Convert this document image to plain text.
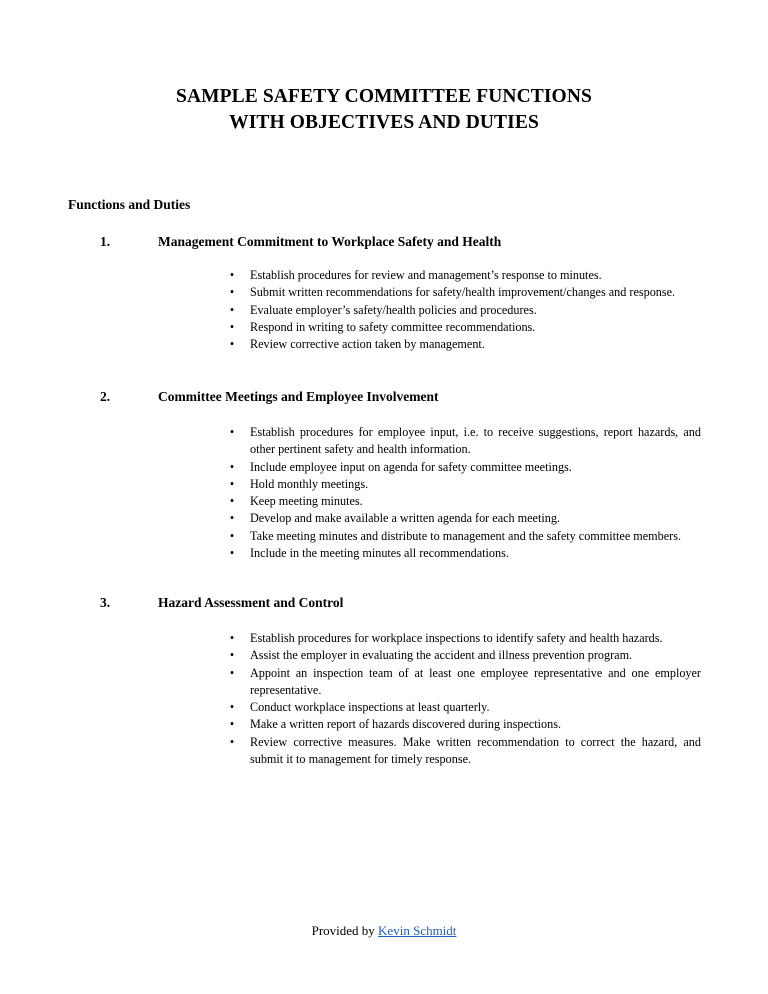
SAMPLE SAFETY COMMITTEE FUNCTIONS
WITH OBJECTIVES AND DUTIES
Functions and Duties
1.	Management Commitment to Workplace Safety and Health
•	Establish procedures for review and management’s response to minutes.
•	Submit written recommendations for safety/health improvement/changes and response.
•	Evaluate employer’s safety/health policies and procedures.
•	Respond in writing to safety committee recommendations.
•	Review corrective action taken by management.
2.	Committee Meetings and Employee Involvement
•	Establish procedures for employee input, i.e. to receive suggestions, report hazards, and other pertinent safety and health information.
•	Include employee input on agenda for safety committee meetings.
•	Hold monthly meetings.
•	Keep meeting minutes.
•	Develop and make available a written agenda for each meeting.
•	Take meeting minutes and distribute to management and the safety committee members.
•	Include in the meeting minutes all recommendations.
3.	Hazard Assessment and Control
•	Establish procedures for workplace inspections to identify safety and health hazards.
•	Assist the employer in evaluating the accident and illness prevention program.
•	Appoint an inspection team of at least one employee representative and one employer representative.
•	Conduct workplace inspections at least quarterly.
•	Make a written report of hazards discovered during inspections.
•	Review corrective measures. Make written recommendation to correct the hazard, and submit it to management for timely response.
Provided by Kevin Schmidt
